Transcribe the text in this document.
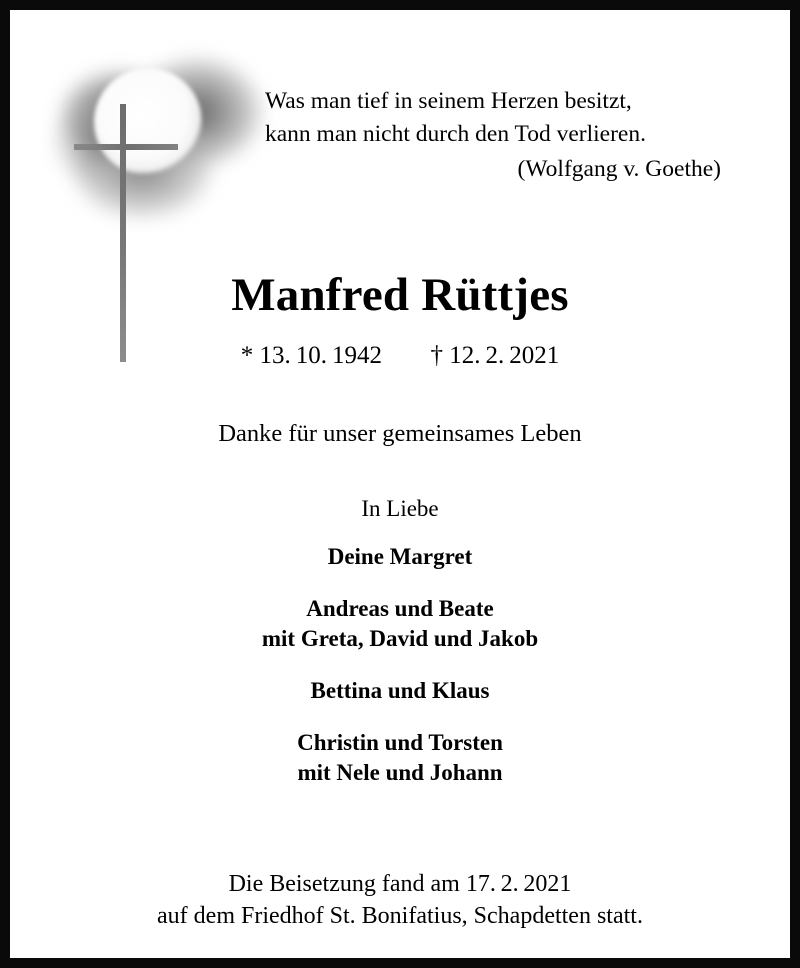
Was man tief in seinem Herzen besitzt,
kann man nicht durch den Tod verlieren.
(Wolfgang v. Goethe)
Manfred Rüttjes
* 13. 10. 1942 † 12. 2. 2021
Danke für unser gemeinsames Leben
In Liebe
Deine Margret
Andreas und Beate
mit Greta, David und Jakob
Bettina und Klaus
Christin und Torsten
mit Nele und Johann
Die Beisetzung fand am 17. 2. 2021
auf dem Friedhof St. Bonifatius, Schapdetten statt.
